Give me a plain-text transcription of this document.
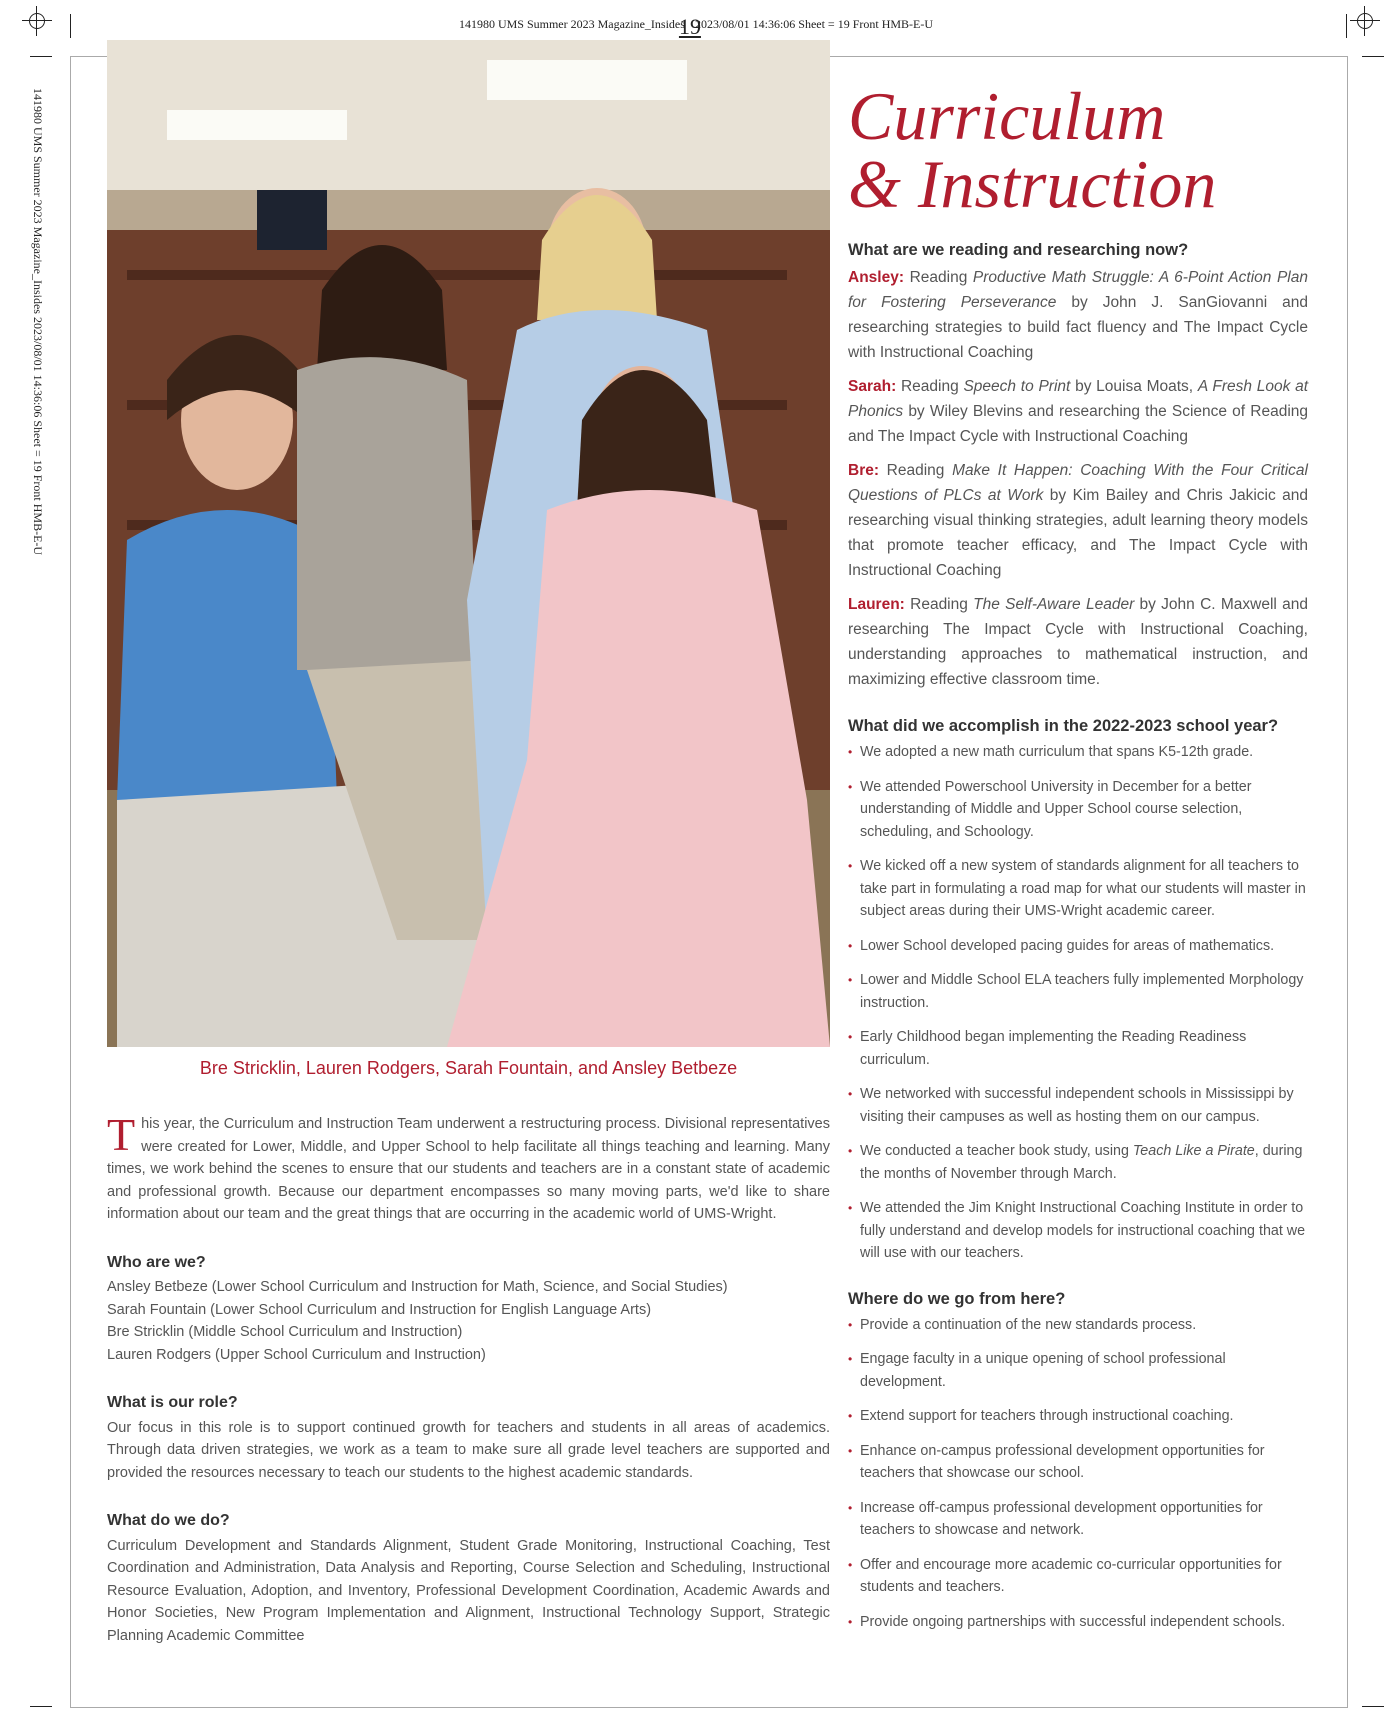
141980 UMS Summer 2023 Magazine_Insides192023/08/01 14:36:06 Sheet = 19 Front HMB-E-U
141980 UMS Summer 2023 Magazine_Insides 2023/08/01 14:36:06 Sheet = 19 Front HMB-E-U
Bre Stricklin, Lauren Rodgers, Sarah Fountain, and Ansley Betbeze

This year, the Curriculum and Instruction Team underwent a restructuring process. Divisional representatives were created for Lower, Middle, and Upper School to help facilitate all things teaching and learning. Many times, we work behind the scenes to ensure that our students and teachers are in a constant state of academic and professional growth. Because our department encompasses so many moving parts, we'd like to share information about our team and the great things that are occurring in the academic world of UMS-Wright.

Who are we?
Ansley Betbeze (Lower School Curriculum and Instruction for Math, Science, and Social Studies)
Sarah Fountain (Lower School Curriculum and Instruction for English Language Arts)
Bre Stricklin (Middle School Curriculum and Instruction)
Lauren Rodgers (Upper School Curriculum and Instruction)
What is our role?

Our focus in this role is to support continued growth for teachers and students in all areas of academics. Through data driven strategies, we work as a team to make sure all grade level teachers are supported and provided the resources necessary to teach our students to the highest academic standards.

What do we do?

Curriculum Development and Standards Alignment, Student Grade Monitoring, Instructional Coaching, Test Coordination and Administration, Data Analysis and Reporting, Course Selection and Scheduling, Instructional Resource Evaluation, Adoption, and Inventory, Professional Development Coordination, Academic Awards and Honor Societies, New Program Implementation and Alignment, Instructional Technology Support, Strategic Planning Academic Committee

Curriculum
& Instruction
What are we reading and researching now?

Ansley: Reading Productive Math Struggle: A 6-Point Action Plan for Fostering Perseverance by John J. SanGiovanni and researching strategies to build fact fluency and The Impact Cycle with Instructional Coaching

Sarah: Reading Speech to Print by Louisa Moats, A Fresh Look at Phonics by Wiley Blevins and researching the Science of Reading and The Impact Cycle with Instructional Coaching

Bre: Reading Make It Happen: Coaching With the Four Critical Questions of PLCs at Work by Kim Bailey and Chris Jakicic and researching visual thinking strategies, adult learning theory models that promote teacher efficacy, and The Impact Cycle with Instructional Coaching

Lauren: Reading The Self-Aware Leader by John C. Maxwell and researching The Impact Cycle with Instructional Coaching, understanding approaches to mathematical instruction, and maximizing effective classroom time.

What did we accomplish in the 2022-2023 school year?
• We adopted a new math curriculum that spans K5-12th grade.
• We attended Powerschool University in December for a better understanding of Middle and Upper School course selection, scheduling, and Schoology.
• We kicked off a new system of standards alignment for all teachers to take part in formulating a road map for what our students will master in subject areas during their UMS-Wright academic career.
• Lower School developed pacing guides for areas of mathematics.
• Lower and Middle School ELA teachers fully implemented Morphology instruction.
• Early Childhood began implementing the Reading Readiness curriculum.
• We networked with successful independent schools in Mississippi by visiting their campuses as well as hosting them on our campus.
• We conducted a teacher book study, using Teach Like a Pirate, during the months of November through March.
• We attended the Jim Knight Instructional Coaching Institute in order to fully understand and develop models for instructional coaching that we will use with our teachers.
Where do we go from here?
• Provide a continuation of the new standards process.
• Engage faculty in a unique opening of school professional development.
• Extend support for teachers through instructional coaching.
• Enhance on-campus professional development opportunities for teachers that showcase our school.
• Increase off-campus professional development opportunities for teachers to showcase and network.
• Offer and encourage more academic co-curricular opportunities for students and teachers.
• Provide ongoing partnerships with successful independent schools.
